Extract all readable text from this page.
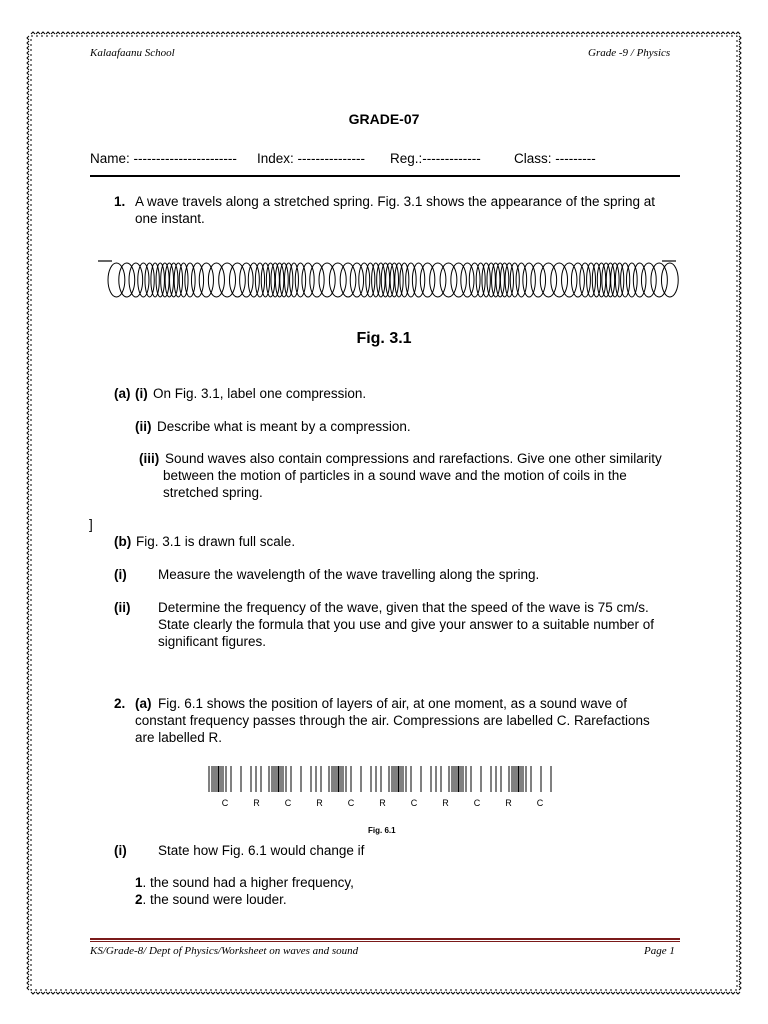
Kalaafaanu School	Grade -9 / Physics
GRADE-07
Name: ----------------------- Index: --------------- Reg.:------------- Class: ---------
1. A wave travels along a stretched spring. Fig. 3.1 shows the appearance of the spring at
one instant.
Fig. 3.1
(a) (i) On Fig. 3.1, label one compression.
(ii) Describe what is meant by a compression.
(iii) Sound waves also contain compressions and rarefactions. Give one other similarity
between the motion of particles in a sound wave and the motion of coils in the
stretched spring.
]
(b) Fig. 3.1 is drawn full scale.
(i) Measure the wavelength of the wave travelling along the spring.
(ii) Determine the frequency of the wave, given that the speed of the wave is 75 cm/s.
State clearly the formula that you use and give your answer to a suitable number of
significant figures.
2. (a) Fig. 6.1 shows the position of layers of air, at one moment, as a sound wave of
constant frequency passes through the air. Compressions are labelled C. Rarefactions
are labelled R.
C	R	C	R	C	R	C	R	C	R	C
Fig. 6.1
(i) State how Fig. 6.1 would change if
1. the sound had a higher frequency,
2. the sound were louder.
KS/Grade-8/ Dept of Physics/Worksheet on waves and sound	Page 1
